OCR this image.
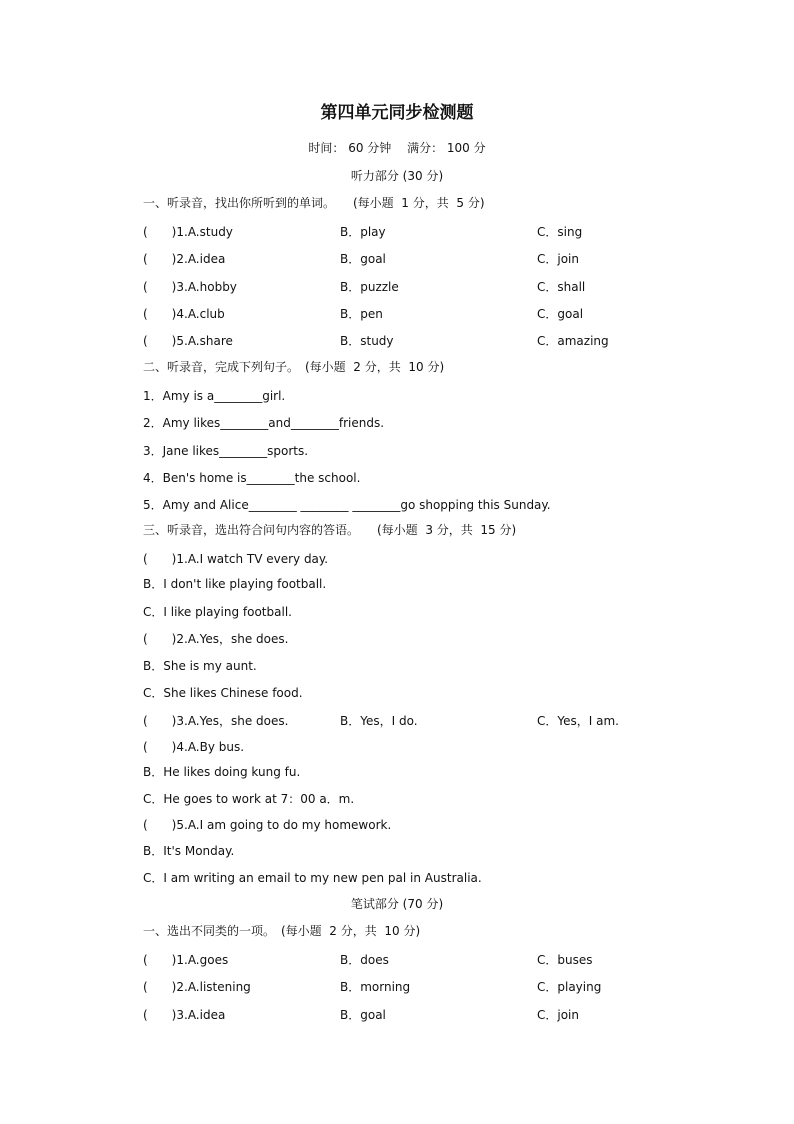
第四单元同步检测题
时间： 60 分钟　 满分： 100 分
听力部分 (30 分)
一、听录音，找出你所听到的单词。　　(每小题  1 分，共  5 分)
(　　)1.A.study	B．play	C．sing
(　　)2.A.idea	B．goal	C．join
(　　)3.A.hobby	B．puzzle	C．shall
(　　)4.A.club	B．pen	C．goal
(　　)5.A.share	B．study	C．amazing
二、听录音，完成下列句子。　(每小题  2 分，共  10 分)
1．Amy is a________girl.
2．Amy likes________and________friends.
3．Jane likes________sports.
4．Ben's home is________the school.
5．Amy and Alice________ ________ ________go shopping this Sunday.
三、听录音，选出符合问句内容的答语。　　(每小题  3 分，共  15 分)
(　　)1.A.I watch TV every day.
B．I don't like playing football.
C．I like playing football.
(　　)2.A.Yes，she does.
B．She is my aunt.
C．She likes Chinese food.
(　　)3.A.Yes，she does.	B．Yes，I do.	C．Yes，I am.
(　　)4.A.By bus.
B．He likes doing kung fu.
C．He goes to work at 7：00 a．m.
(　　)5.A.I am going to do my homework.
B．It's Monday.
C．I am writing an email to my new pen pal in Australia.
笔试部分 (70 分)
一、选出不同类的一项。　(每小题  2 分，共  10 分)
(　　)1.A.goes	B．does	C．buses
(　　)2.A.listening	B．morning	C．playing
(　　)3.A.idea	B．goal	C．join
